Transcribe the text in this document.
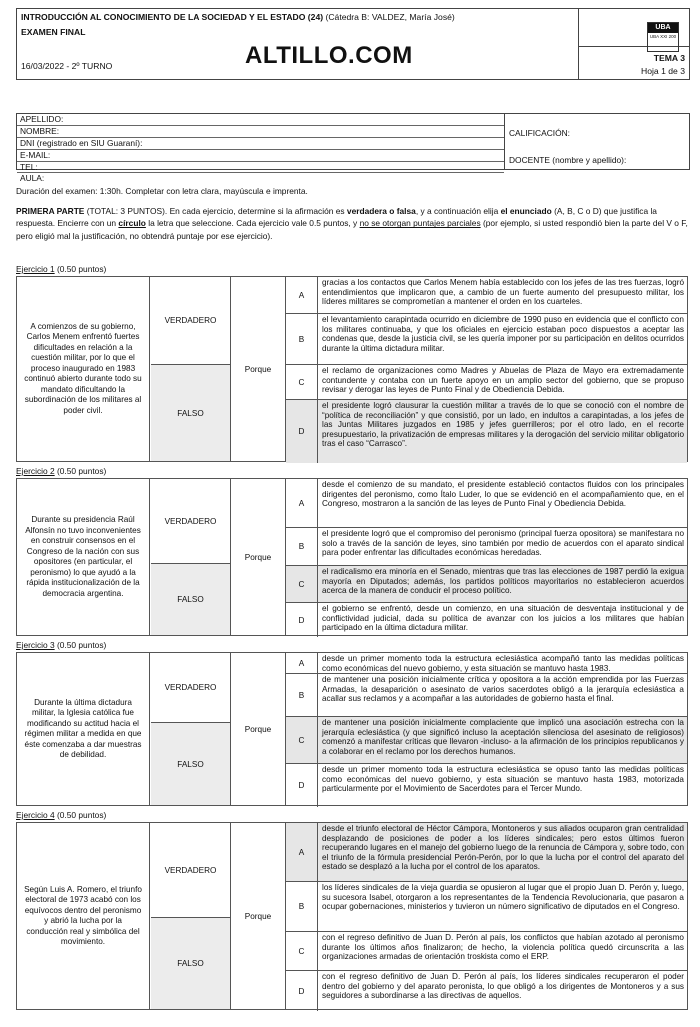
INTRODUCCIÓN AL CONOCIMIENTO DE LA SOCIEDAD Y EL ESTADO (24) (Cátedra B: VALDEZ, María José)
EXAMEN FINAL
16/03/2022 - 2º TURNO
UBA
UBA XXI 200
TEMA 3
Hoja 1 de 3
ALTILLO.COM
APELLIDO:
NOMBRE:
DNI (registrado en SIU Guaraní):
E-MAIL:
TEL:
AULA:
CALIFICACIÓN:
DOCENTE (nombre y apellido):
Duración del examen: 1:30h. Completar con letra clara, mayúscula e imprenta.
PRIMERA PARTE (TOTAL: 3 PUNTOS). En cada ejercicio, determine si la afirmación es verdadera o falsa, y a continuación elija el enunciado (A, B, C o D) que justifica la respuesta. Encierre con un círculo la letra que seleccione. Cada ejercicio vale 0.5 puntos, y no se otorgan puntajes parciales (por ejemplo, si usted respondió bien la parte del V o F, pero eligió mal la justificación, no obtendrá puntaje por ese ejercicio).
Ejercicio 1 (0.50 puntos)
A comienzos de su gobierno, Carlos Menem enfrentó fuertes dificultades en relación a la cuestión militar, por lo que el proceso inaugurado en 1983 continuó abierto durante todo su mandato dificultando la subordinación de los militares al poder civil.
VERDADERO
FALSO
Porque
A
gracias a los contactos que Carlos Menem había establecido con los jefes de las tres fuerzas, logró entendimientos que implicaron que, a cambio de un fuerte aumento del presupuesto militar, los líderes militares se comprometían a mantener el orden en los cuarteles.
B
el levantamiento carapintada ocurrido en diciembre de 1990 puso en evidencia que el conflicto con los militares continuaba, y que los oficiales en ejercicio estaban poco dispuestos a aceptar las condenas que, desde la justicia civil, se les quería imponer por su participación en delitos ocurridos durante la última dictadura militar.
C
el reclamo de organizaciones como Madres y Abuelas de Plaza de Mayo era extremadamente contundente y contaba con un fuerte apoyo en un amplio sector del gobierno, que se propuso revisar y derogar las leyes de Punto Final y de Obediencia Debida.
D
el presidente logró clausurar la cuestión militar a través de lo que se conoció con el nombre de “política de reconciliación” y que consistió, por un lado, en indultos a carapintadas, a los jefes de las Juntas Militares juzgados en 1985 y jefes guerrilleros; por el otro lado, en el recorte presupuestario, la privatización de empresas militares y la derogación del servicio militar obligatorio tras el caso “Carrasco”.
Ejercicio 2 (0.50 puntos)
Durante su presidencia Raúl Alfonsín no tuvo inconvenientes en construir consensos en el Congreso de la nación con sus opositores (en particular, el peronismo) lo que ayudó a la rápida institucionalización de la democracia argentina.
VERDADERO
FALSO
Porque
A
desde el comienzo de su mandato, el presidente estableció contactos fluidos con los principales dirigentes del peronismo, como Ítalo Luder, lo que se evidenció en el acompañamiento que, en el Congreso, mostraron a la sanción de las leyes de Punto Final y Obediencia Debida.
B
el presidente logró que el compromiso del peronismo (principal fuerza opositora) se manifestara no solo a través de la sanción de leyes, sino también por medio de acuerdos con el aparato sindical para poder enfrentar las dificultades económicas heredadas.
C
el radicalismo era minoría en el Senado, mientras que tras las elecciones de 1987 perdió la exigua mayoría en Diputados; además, los partidos políticos mayoritarios no establecieron acuerdos acerca de la manera de conducir el proceso político.
D
el gobierno se enfrentó, desde un comienzo, en una situación de desventaja institucional y de conflictividad judicial, dada su política de avanzar con los juicios a los militares que habían participado en la última dictadura militar.
Ejercicio 3 (0.50 puntos)
Durante la última dictadura militar, la Iglesia católica fue modificando su actitud hacia el régimen militar a medida en que éste comenzaba a dar muestras de debilidad.
VERDADERO
FALSO
Porque
A	desde un primer momento toda la estructura eclesiástica acompañó tanto las medidas políticas como económicas del nuevo gobierno, y esta situación se mantuvo hasta 1983.
B
de mantener una posición inicialmente crítica y opositora a la acción emprendida por las Fuerzas Armadas, la desaparición o asesinato de varios sacerdotes obligó a la jerarquía eclesiástica a acallar sus reclamos y a acompañar a las autoridades de gobierno hasta el final.
C
de mantener una posición inicialmente complaciente que implicó una asociación estrecha con la jerarquía eclesiástica (y que significó incluso la aceptación silenciosa del asesinato de religiosos) comenzó a manifestar críticas que llevaron -incluso- a la afirmación de los principios republicanos y a colaborar en el reclamo por los derechos humanos.
D
desde un primer momento toda la estructura eclesiástica se opuso tanto las medidas políticas como económicas del nuevo gobierno, y esta situación se mantuvo hasta 1983, motorizada particularmente por el Movimiento de Sacerdotes para el Tercer Mundo.
Ejercicio 4 (0.50 puntos)
Según Luis A. Romero, el triunfo electoral de 1973 acabó con los equívocos dentro del peronismo y abrió la lucha por la conducción real y simbólica del movimiento.
VERDADERO
FALSO
Porque
A
desde el triunfo electoral de Héctor Cámpora, Montoneros y sus aliados ocuparon gran centralidad desplazando de posiciones de poder a los líderes sindicales; pero estos últimos fueron recuperando lugares en el manejo del gobierno luego de la renuncia de Cámpora y, sobre todo, con el triunfo de la fórmula presidencial Perón-Perón, por lo que la lucha por el control del aparato del estado se desplazó a la lucha por el control de los aparatos.
B
los líderes sindicales de la vieja guardia se opusieron al lugar que el propio Juan D. Perón y, luego, su sucesora Isabel, otorgaron a los representantes de la Tendencia Revolucionaria, que pasaron a ocupar gobernaciones, ministerios y tuvieron un número significativo de diputados en el Congreso.
C
con el regreso definitivo de Juan D. Perón al país, los conflictos que habían azotado al peronismo durante los últimos años finalizaron; de hecho, la violencia política quedó circunscrita a las organizaciones armadas de orientación troskista como el ERP.
D
con el regreso definitivo de Juan D. Perón al país, los líderes sindicales recuperaron el poder dentro del gobierno y del aparato peronista, lo que obligó a los dirigentes de Montoneros y a sus seguidores a subordinarse a las directivas de aquellos.
